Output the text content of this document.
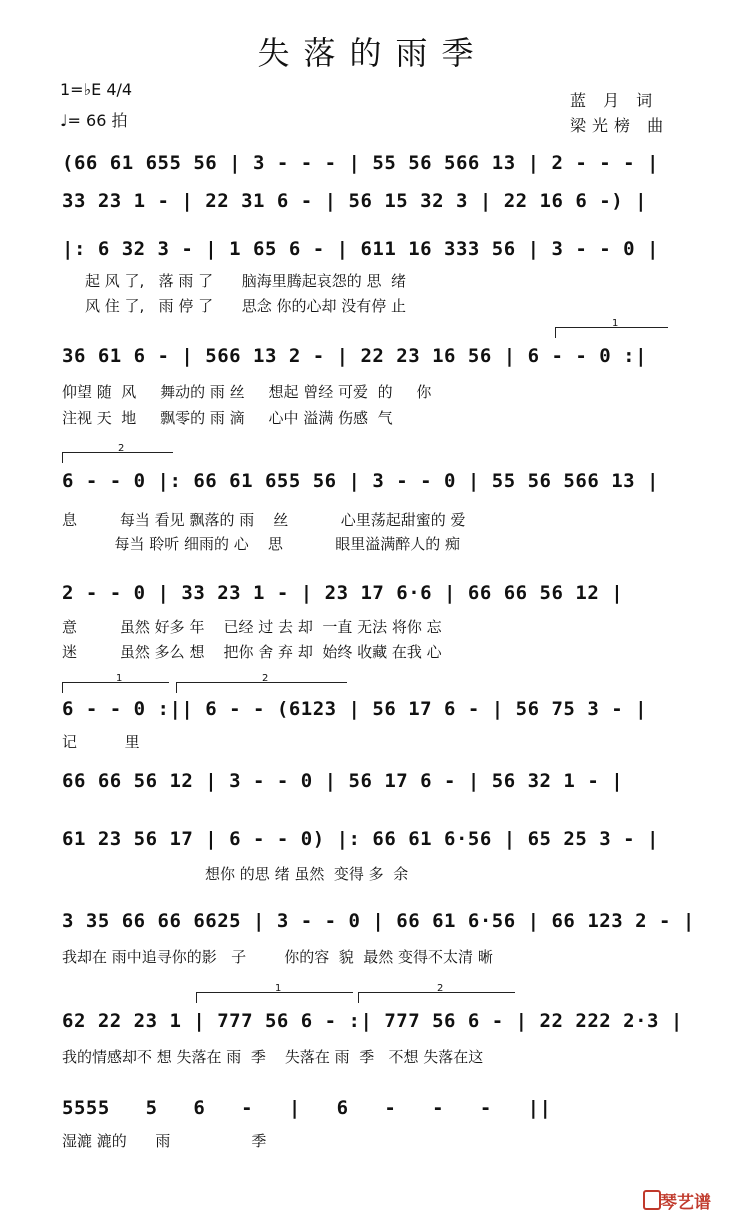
失落的雨季
1=♭E 4/4
♩= 66 拍
蓝 月 词
梁光榜 曲
(66 61 655 56 | 3 - - - | 55 56 566 13 | 2 - - - |
33 23 1 - | 22 31 6 - | 56 15 32 3 | 22 16 6 -) |
|: 6 32 3 - | 1 65 6 - | 611 16 333 56 | 3 - - 0 |
起 风 了,   落 雨 了      脑海里腾起哀怨的 思  绪
风 住 了,   雨 停 了      思念 你的心却 没有停 止
1
36 61 6 - | 566 13 2 - | 22 23 16 56 | 6 - - 0 :|
仰望 随  风     舞动的 雨 丝     想起 曾经 可爱  的     你
注视 天  地     飘零的 雨 滴     心中 溢满 伤感  气
2
6 - - 0 |: 66 61 655 56 | 3 - - 0 | 55 56 566 13 |
息         每当 看见 飘落的 雨    丝           心里荡起甜蜜的 爱
每当 聆听 细雨的 心    思           眼里溢满醉人的 痴
2 - - 0 | 33 23 1 - | 23 17 6·6 | 66 66 56 12 |
意         虽然 好多 年    已经 过 去 却  一直 无法 将你 忘
迷         虽然 多么 想    把你 舍 弃 却  始终 收藏 在我 心
1	2
6 - - 0 :|| 6 - - (6123 | 56 17 6 - | 56 75 3 - |
记          里
66 66 56 12 | 3 - - 0 | 56 17 6 - | 56 32 1 - |
61 23 56 17 | 6 - - 0) |: 66 61 6·56 | 65 25 3 - |
想你 的思 绪 虽然  变得 多  余
3 35 66 66 6625 | 3 - - 0 | 66 61 6·56 | 66 123 2 - |
我却在 雨中追寻你的影   子        你的容  貌  最然 变得不太清 晰
1	2
62 22 23 1 | 777 56 6 - :| 777 56 6 - | 22 222 2·3 |
我的情感却不 想 失落在 雨  季    失落在 雨  季   不想 失落在这
5555   5   6   -   |   6   -   -   -   ||
湿漉 漉的      雨                 季
琴艺谱
